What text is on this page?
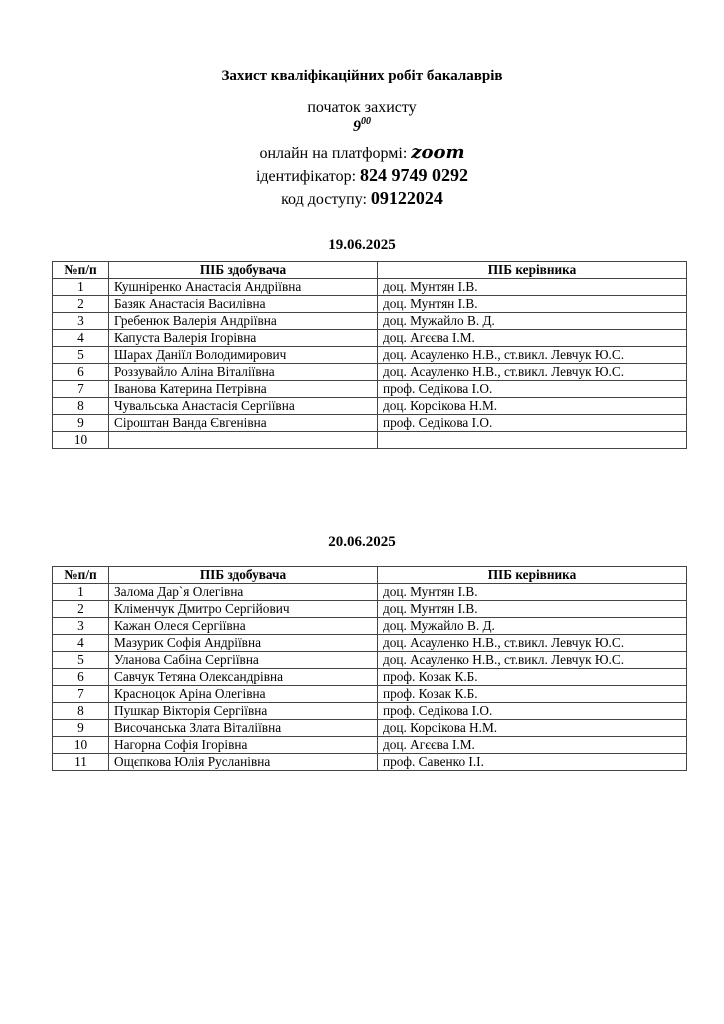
Захист кваліфікаційних робіт бакалаврів
початок захисту
$9^{00}$
онлайн на платформі: zoom
ідентифікатор: 824 9749 0292
код доступу: 09122024
19.06.2025
№п/п	ПІБ здобувача	ПІБ керівника
1	Кушніренко Анастасія Андріївна	доц. Мунтян І.В.
2	Базяк Анастасія Василівна	доц. Мунтян І.В.
3	Гребенюк Валерія Андріївна	доц. Мужайло В. Д.
4	Капуста Валерія Ігорівна	доц. Агєєва І.М.
5	Шарах Даніїл Володимирович	доц. Асауленко Н.В., ст.викл. Левчук Ю.С.
6	Роззувайло Аліна Віталіївна	доц. Асауленко Н.В., ст.викл. Левчук Ю.С.
7	Іванова Катерина Петрівна	проф. Седікова І.О.
8	Чувальська Анастасія Сергіївна	доц. Корсікова Н.М.
9	Сіроштан Ванда Євгенівна	проф. Седікова І.О.
10		
20.06.2025
№п/п	ПІБ здобувача	ПІБ керівника
1	Залома Дар`я Олегівна	доц. Мунтян І.В.
2	Кліменчук Дмитро Сергійович	доц. Мунтян І.В.
3	Кажан Олеся Сергіївна	доц. Мужайло В. Д.
4	Мазурик Софія Андріївна	доц. Асауленко Н.В., ст.викл. Левчук Ю.С.
5	Уланова Сабіна Сергіївна	доц. Асауленко Н.В., ст.викл. Левчук Ю.С.
6	Савчук Тетяна Олександрівна	проф. Козак К.Б.
7	Красноцок Аріна Олегівна	проф. Козак К.Б.
8	Пушкар Вікторія Сергіївна	проф. Седікова І.О.
9	Височанська Злата Віталіївна	доц. Корсікова Н.М.
10	Нагорна Софія Ігорівна	доц. Агєєва І.М.
11	Ощєпкова Юлія Русланівна	проф. Савенко І.І.
